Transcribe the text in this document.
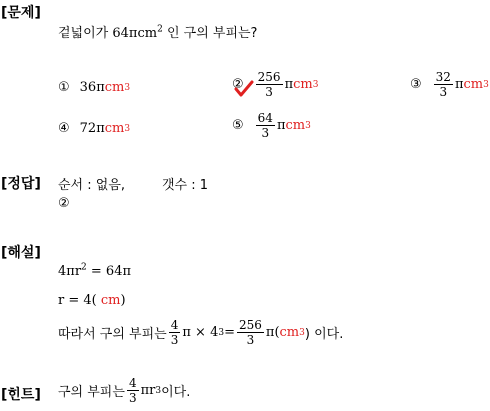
[문제]
겉넓이가 64πcm$^2$ 인 구의 부피는?
① 36π cm 3	② $\frac{256}{3}$ π cm 3	③ $\frac{32}{3}$ π cm 3
④ 72π cm 3	⑤ $\frac{64}{3}$ π cm 3
[정답] 순서 : 없음,	갯수 : 1
②
[해설]
$4\pi r^2 = 64\pi$
r = 4( cm)
따라서 구의 부피는 $\frac{4}{3}$ π × 4 $3 = \frac{256}{3} \pi$( cm 3 ) 이다.
[힌트] 구의 부피는 $\frac{4}{3}$ πr 3 이다.
